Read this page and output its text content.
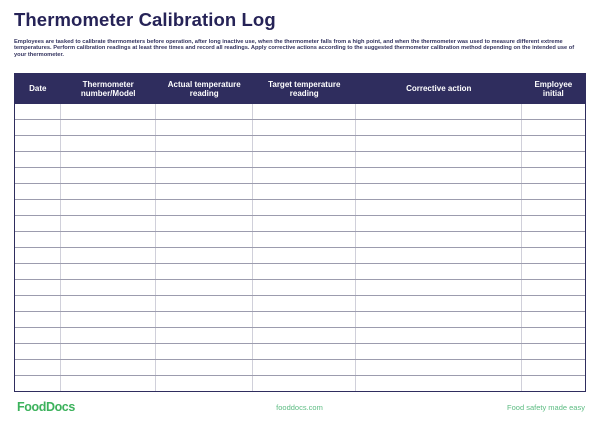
Thermometer Calibration Log

Employees are tasked to calibrate thermometers before operation, after long inactive use, when the thermometer falls from a high point, and when the thermometer was used to measure different extreme temperatures. Perform calibration readings at least three times and record all readings. Apply corrective actions according to the suggested thermometer calibration method depending on the intended use of your thermometer.

Date	Thermometer number/Model	Actual temperature reading	Target temperature reading	Corrective action	Employee initial

FoodDocs	fooddocs.com	Food safety made easy
